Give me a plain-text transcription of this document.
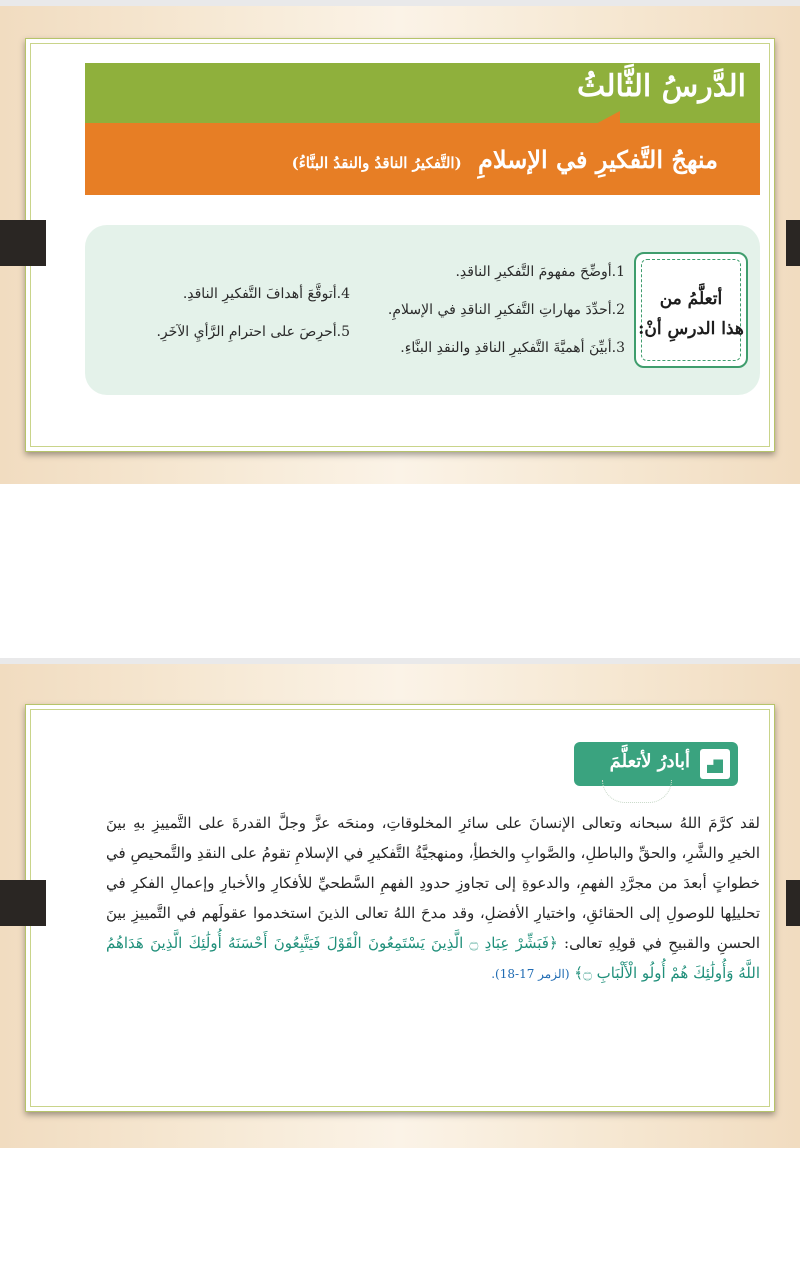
الدَّرسُ الثَّالثُ
منهجُ التَّفكيرِ في الإسلامِ (التَّفكيرُ الناقدُ والنقدُ البنَّاءُ)
أتعلَّمُ من
هذا الدرسِ أنْ:
1.أوضِّحَ مفهومَ التَّفكيرِ الناقدِ.
2.أحدِّدَ مهاراتِ التَّفكيرِ الناقدِ في الإسلامِ.
3.أبيِّنَ أهميَّةَ التَّفكيرِ الناقدِ والنقدِ البنَّاءِ.
4.أتوقَّعَ أهدافَ التَّفكيرِ الناقدِ.
5.أحرِصَ على احترامِ الرَّأيِ الآخَرِ.
أبادرُ لأتعلَّمَ
لقد كرَّمَ اللهُ سبحانه وتعالى الإنسانَ على سائرِ المخلوقاتِ، ومنحَه عزَّ وجلَّ القدرةَ على التَّمييزِ بهِ بينَ الخيرِ والشَّرِ، والحقِّ والباطلِ، والصَّوابِ والخطأِ، ومنهجيَّةُ التَّفكيرِ في الإسلامِ تقومُ على النقدِ والتَّمحيصِ في خطواتٍ أبعدَ من مجرَّدِ الفهمِ، والدعوةِ إلى تجاوزِ حدودِ الفهمِ السَّطحيِّ للأفكارِ والأخبارِ وإعمالِ الفكرِ في تحليلِها للوصولِ إلى الحقائقِ، واختيارِ الأفضلِ، وقد مدحَ اللهُ تعالى الذينَ استخدموا عقولَهم في التَّمييزِ بينَ الحسنِ والقبيحِ في قولِهِ تعالى: ﴿فَبَشِّرْ عِبَادِ ۝ الَّذِينَ يَسْتَمِعُونَ الْقَوْلَ فَيَتَّبِعُونَ أَحْسَنَهُ أُولَٰئِكَ الَّذِينَ هَدَاهُمُ اللَّهُ وَأُولَٰئِكَ هُمْ أُولُو الْأَلْبَابِ ۝﴾ (الزمر 17-18).
